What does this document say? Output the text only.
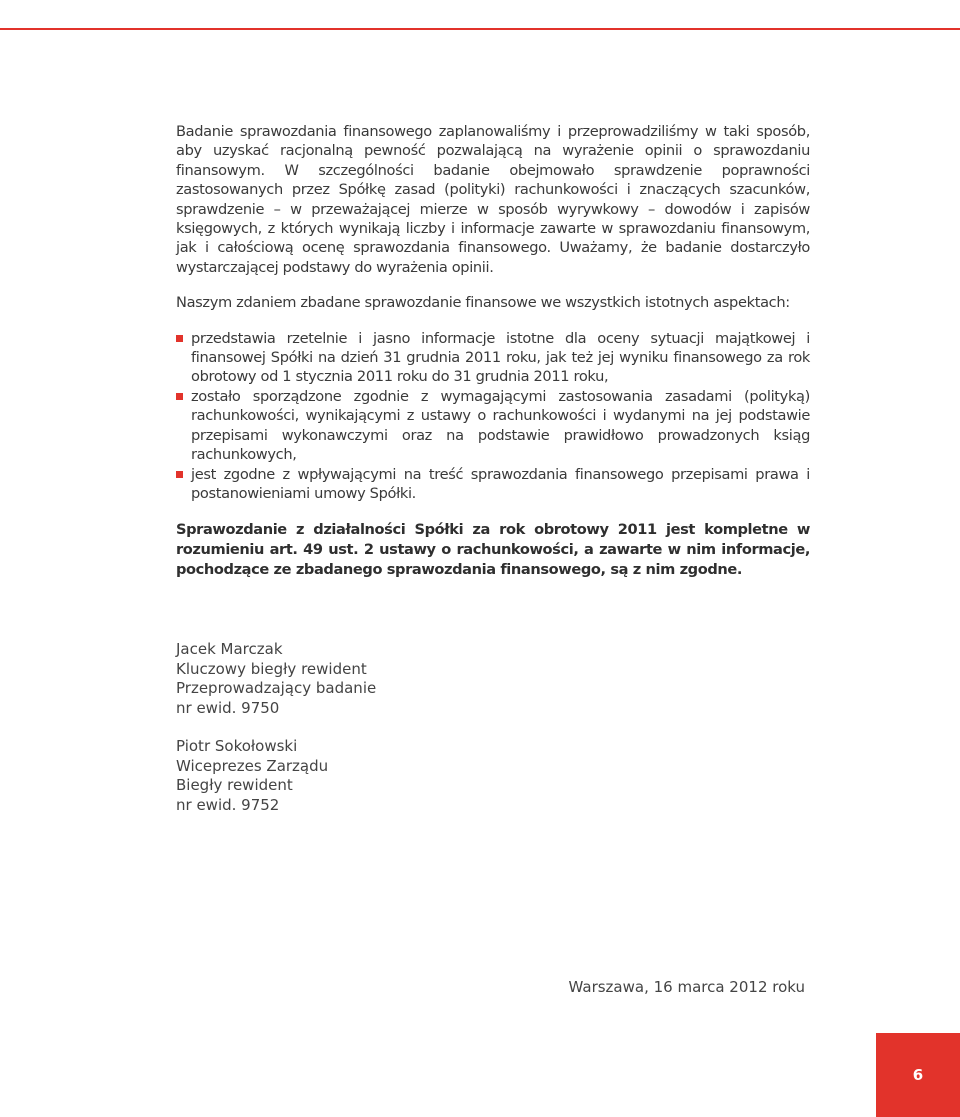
Badanie sprawozdania finansowego zaplanowaliśmy i przeprowadziliśmy w taki sposób, aby uzyskać racjonalną pewność pozwalającą na wyrażenie opinii o sprawozdaniu finansowym. W szczególności badanie obejmowało sprawdzenie poprawności zastosowanych przez Spółkę zasad (polityki) rachunkowości i znaczących szacunków, sprawdzenie – w przeważającej mierze w sposób wyrywkowy – dowodów i zapisów księgowych, z których wynikają liczby i informacje zawarte w sprawozdaniu finansowym, jak i całościową ocenę sprawozdania finansowego. Uważamy, że badanie dostarczyło wystarczającej podstawy do wyrażenia opinii.

Naszym zdaniem zbadane sprawozdanie finansowe we wszystkich istotnych aspektach:

przedstawia rzetelnie i jasno informacje istotne dla oceny sytuacji majątkowej i finansowej Spółki na dzień 31 grudnia 2011 roku, jak też jej wyniku finansowego za rok obrotowy od 1 stycznia 2011 roku do 31 grudnia 2011 roku,
zostało sporządzone zgodnie z wymagającymi zastosowania zasadami (polityką) rachunkowości, wynikającymi z ustawy o rachunkowości i wydanymi na jej podstawie przepisami wykonawczymi oraz na podstawie prawidłowo prowadzonych ksiąg rachunkowych,
jest zgodne z wpływającymi na treść sprawozdania finansowego przepisami prawa i postanowieniami umowy Spółki.

Sprawozdanie z działalności Spółki za rok obrotowy 2011 jest kompletne w rozumieniu art. 49 ust. 2 ustawy o rachunkowości, a zawarte w nim informacje, pochodzące ze zbadanego sprawozdania finansowego, są z nim zgodne.

Jacek Marczak
Kluczowy biegły rewident
Przeprowadzający badanie
nr ewid. 9750
Piotr Sokołowski
Wiceprezes Zarządu
Biegły rewident
nr ewid. 9752
Warszawa, 16 marca 2012 roku
6
